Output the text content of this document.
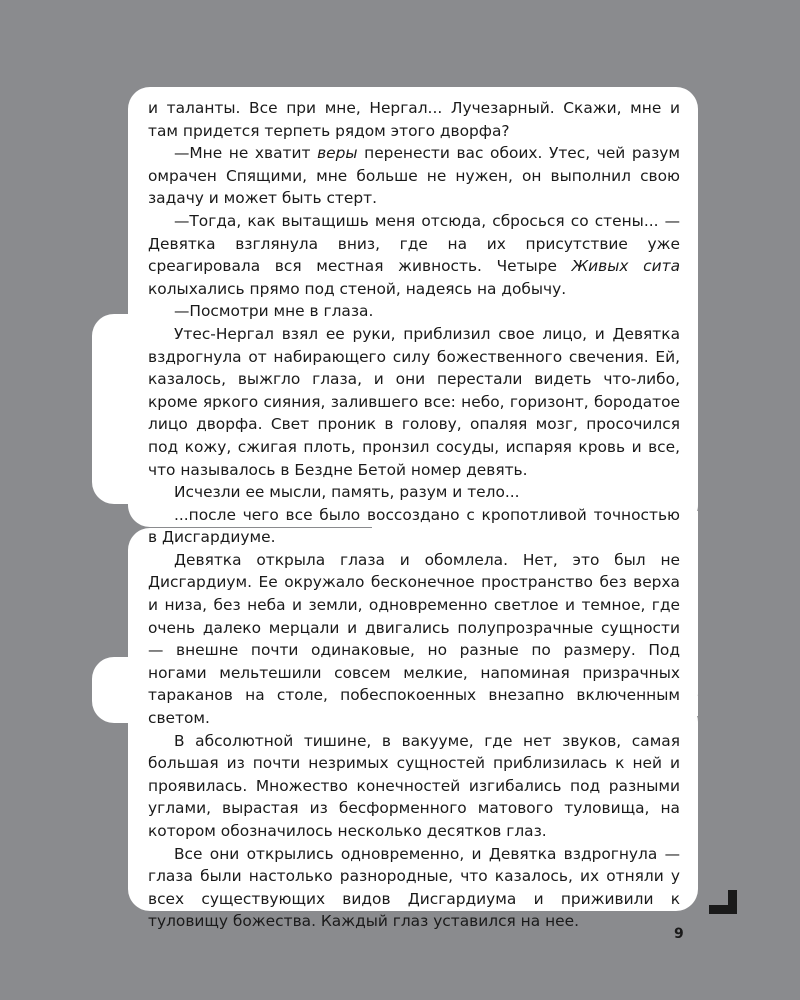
и таланты. Все при мне, Нергал... Лучезарный. Скажи, мне и там придется терпеть рядом этого дворфа?

—Мне не хватит веры перенести вас обоих. Утес, чей разум омрачен Спящими, мне больше не нужен, он выполнил свою задачу и может быть стерт.

—Тогда, как вытащишь меня отсюда, сбросься со стены... — Девятка взглянула вниз, где на их присутствие уже среагировала вся местная живность. Четыре Живых сита колыхались прямо под стеной, надеясь на добычу.

—Посмотри мне в глаза.

Утес-Нергал взял ее руки, приблизил свое лицо, и Девятка вздрогнула от набирающего силу божественного свечения. Ей, казалось, выжгло глаза, и они перестали видеть что-либо, кроме яркого сияния, залившего все: небо, горизонт, бородатое лицо дворфа. Свет проник в голову, опаляя мозг, просочился под кожу, сжигая плоть, пронзил сосуды, испаряя кровь и все, что называлось в Бездне Бетой номер девять.

Исчезли ее мысли, память, разум и тело...

...после чего все было воссоздано с кропотливой точностью в Дисгардиуме.

Девятка открыла глаза и обомлела. Нет, это был не Дисгардиум. Ее окружало бесконечное пространство без верха и низа, без неба и земли, одновременно светлое и темное, где очень далеко мерцали и двигались полупрозрачные сущности — внешне почти одинаковые, но разные по размеру. Под ногами мельтешили совсем мелкие, напоминая призрачных тараканов на столе, побеспокоенных внезапно включенным светом.

В абсолютной тишине, в вакууме, где нет звуков, самая большая из почти незримых сущностей приблизилась к ней и проявилась. Множество конечностей изгибались под разными углами, вырастая из бесформенного матового туловища, на котором обозначилось несколько десятков глаз.

Все они открылись одновременно, и Девятка вздрогнула — глаза были настолько разнородные, что казалось, их отняли у всех существующих видов Дисгардиума и приживили к туловищу божества. Каждый глаз уставился на нее.

9
